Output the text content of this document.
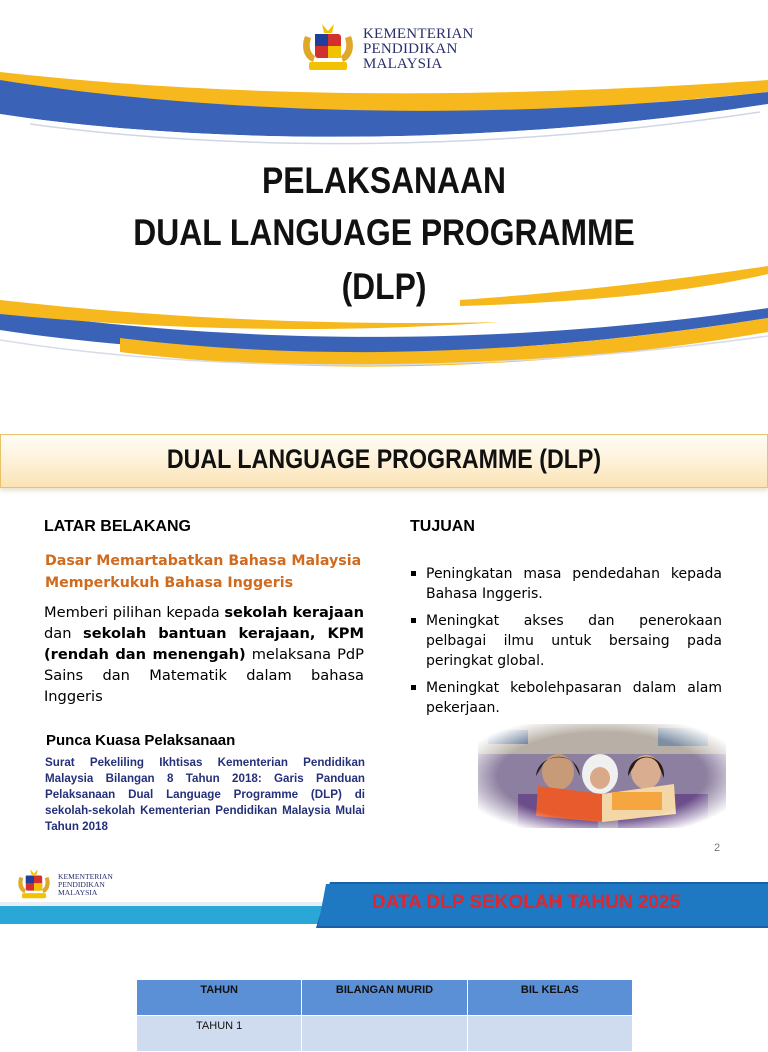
KEMENTERIAN
PENDIDIKAN
MALAYSIA
PELAKSANAAN
DUAL LANGUAGE PROGRAMME
(DLP)
DUAL LANGUAGE PROGRAMME (DLP)
LATAR BELAKANG
Dasar Memartabatkan Bahasa Malaysia
Memperkukuh Bahasa Inggeris
Memberi pilihan kepada sekolah kerajaan dan sekolah bantuan kerajaan, KPM (rendah dan menengah) melaksana PdP Sains dan Matematik dalam bahasa Inggeris
Punca Kuasa Pelaksanaan
Surat Pekeliling Ikhtisas Kementerian Pendidikan Malaysia Bilangan 8 Tahun 2018: Garis Panduan Pelaksanaan Dual Language Programme (DLP) di sekolah-sekolah Kementerian Pendidikan Malaysia Mulai Tahun 2018
TUJUAN
Peningkatan masa pendedahan kepada Bahasa Inggeris.
Meningkat akses dan penerokaan pelbagai ilmu untuk bersaing pada peringkat global.
Meningkat kebolehpasaran dalam alam pekerjaan.
2
KEMENTERIAN
PENDIDIKAN
MALAYSIA	DATA DLP SEKOLAH TAHUN 2025
TAHUN	BILANGAN MURID	BIL KELAS
TAHUN 1		
